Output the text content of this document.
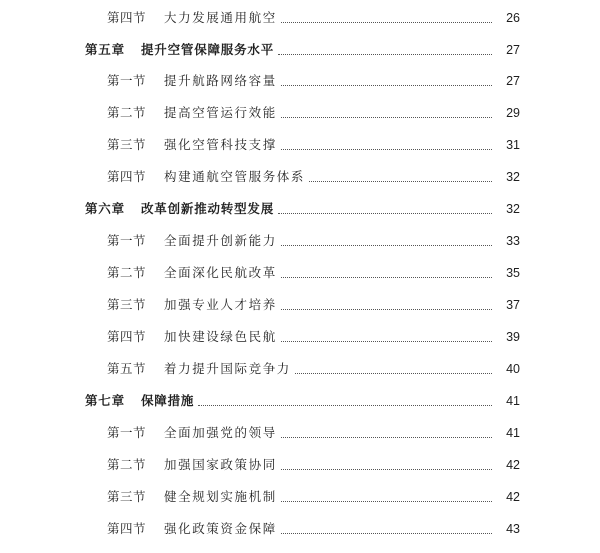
第四节	大力发展通用航空	26
第五章	提升空管保障服务水平	27
第一节	提升航路网络容量	27
第二节	提高空管运行效能	29
第三节	强化空管科技支撑	31
第四节	构建通航空管服务体系	32
第六章	改革创新推动转型发展	32
第一节	全面提升创新能力	33
第二节	全面深化民航改革	35
第三节	加强专业人才培养	37
第四节	加快建设绿色民航	39
第五节	着力提升国际竞争力	40
第七章	保障措施	41
第一节	全面加强党的领导	41
第二节	加强国家政策协同	42
第三节	健全规划实施机制	42
第四节	强化政策资金保障	43
